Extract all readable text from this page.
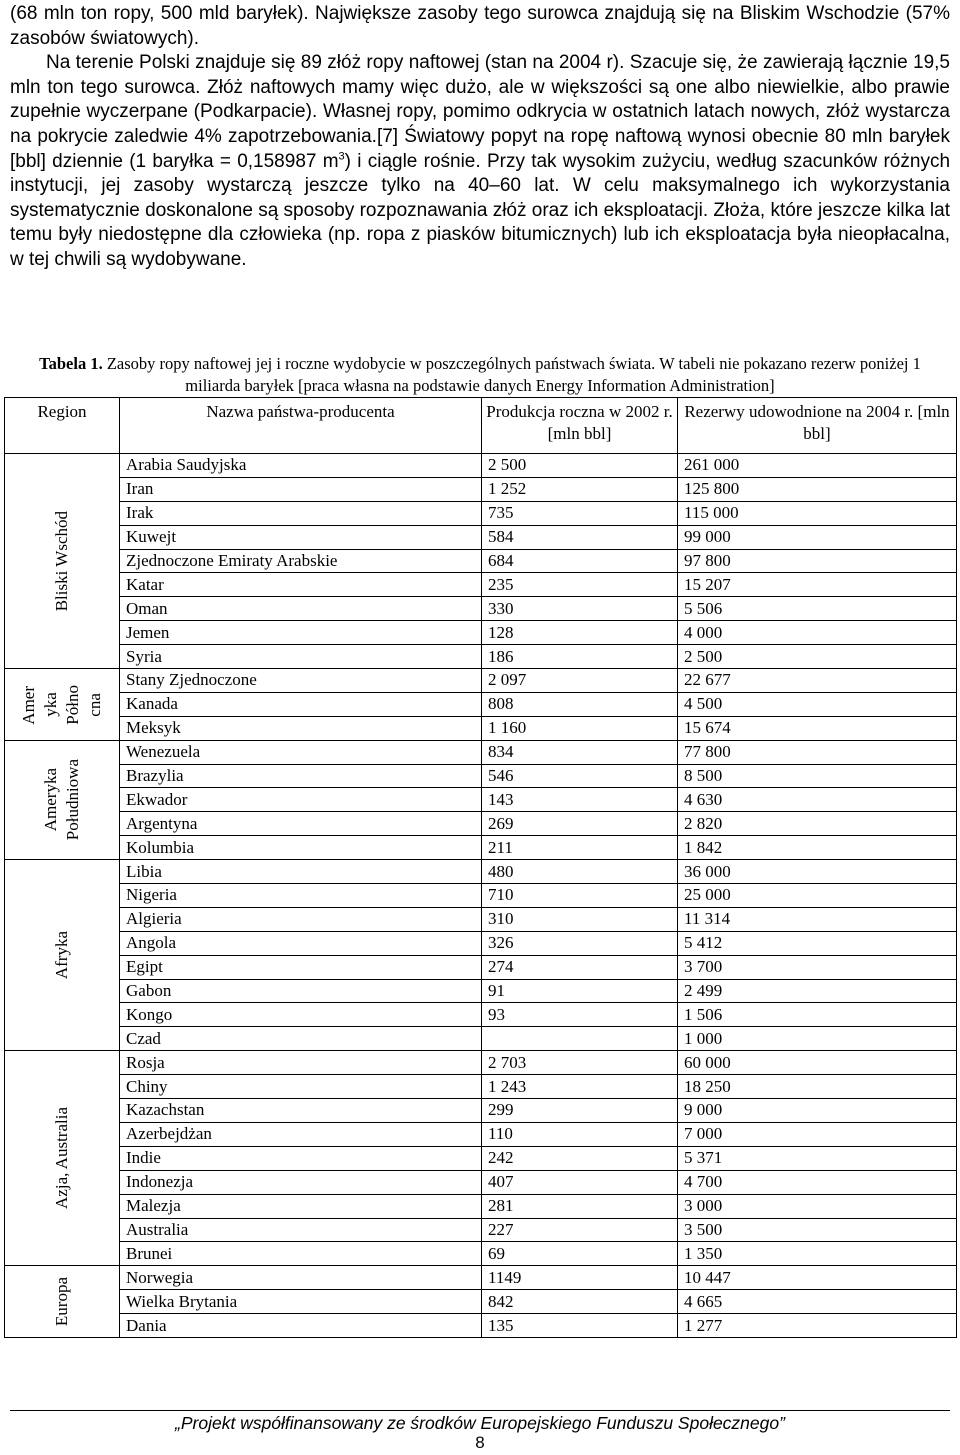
(68 mln ton ropy, 500 mld baryłek). Największe zasoby tego surowca znajdują się na Bliskim Wschodzie (57% zasobów światowych).

Na terenie Polski znajduje się 89 złóż ropy naftowej (stan na 2004 r). Szacuje się, że zawierają łącznie 19,5 mln ton tego surowca. Złóż naftowych mamy więc dużo, ale w większości są one albo niewielkie, albo prawie zupełnie wyczerpane (Podkarpacie). Własnej ropy, pomimo odkrycia w ostatnich latach nowych, złóż wystarcza na pokrycie zaledwie 4% zapotrzebowania.[7] Światowy popyt na ropę naftową wynosi obecnie 80 mln baryłek [bbl] dziennie (1 baryłka = 0,158987 $m^3$) i ciągle rośnie. Przy tak wysokim zużyciu, według szacunków różnych instytucji, jej zasoby wystarczą jeszcze tylko na 40–60 lat. W celu maksymalnego ich wykorzystania systematycznie doskonalone są sposoby rozpoznawania złóż oraz ich eksploatacji. Złoża, które jeszcze kilka lat temu były niedostępne dla człowieka (np. ropa z piasków bitumicznych) lub ich eksploatacja była nieopłacalna, w tej chwili są wydobywane.

Tabela 1. Zasoby ropy naftowej jej i roczne wydobycie w poszczególnych państwach świata. W tabeli nie pokazano rezerw poniżej 1 miliarda baryłek [praca własna na podstawie danych Energy Information Administration]
Region	Nazwa państwa-producenta	Produkcja roczna w 2002 r. [mln bbl]	Rezerwy udowodnione na 2004 r. [mln bbl]

Bliski Wschód	Arabia Saudyjska	2 500	261 000
	Iran	1 252	125 800
	Irak	735	115 000
	Kuwejt	584	99 000
	Zjednoczone Emiraty Arabskie	684	97 800
	Katar	235	15 207
	Oman	330	5 506
	Jemen	128	4 000
	Syria	186	2 500

Amer yka Półno cna	Stany Zjednoczone	2 097	22 677
	Kanada	808	4 500
	Meksyk	1 160	15 674

Ameryka Południowa	Wenezuela	834	77 800
	Brazylia	546	8 500
	Ekwador	143	4 630
	Argentyna	269	2 820
	Kolumbia	211	1 842

Afryka	Libia	480	36 000
	Nigeria	710	25 000
	Algieria	310	11 314
	Angola	326	5 412
	Egipt	274	3 700
	Gabon	91	2 499
	Kongo	93	1 506
	Czad		1 000

Azja, Australia	Rosja	2 703	60 000
	Chiny	1 243	18 250
	Kazachstan	299	9 000
	Azerbejdżan	110	7 000
	Indie	242	5 371
	Indonezja	407	4 700
	Malezja	281	3 000
	Australia	227	3 500
	Brunei	69	1 350

Europa	Norwegia	1149	10 447
	Wielka Brytania	842	4 665
	Dania	135	1 277
„Projekt współfinansowany ze środków Europejskiego Funduszu Społecznego”
8
